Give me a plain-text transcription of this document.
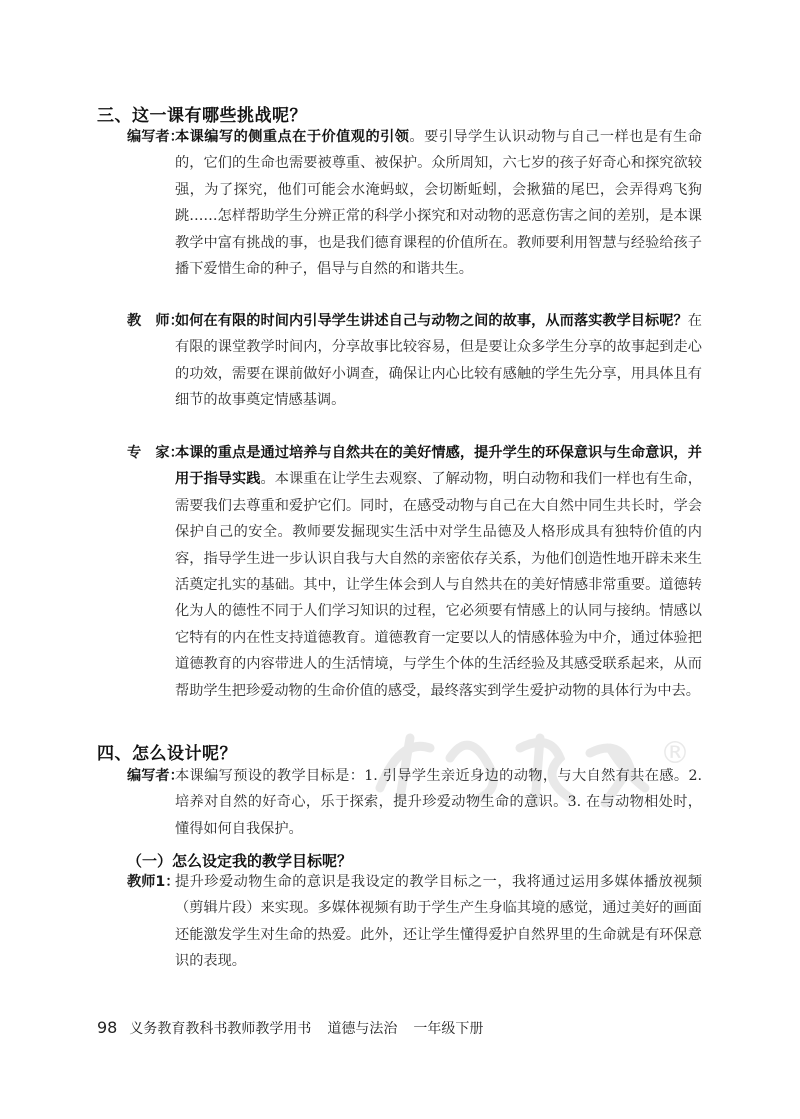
三、这一课有哪些挑战呢？
编写者：
本课编写的侧重点在于价值观的引领。要引导学生认识动物与自己一样也是有生命的，它们的生命也需要被尊重、被保护。众所周知，六七岁的孩子好奇心和探究欲较强，为了探究，他们可能会水淹蚂蚁，会切断蚯蚓，会揪猫的尾巴，会弄得鸡飞狗跳……怎样帮助学生分辨正常的科学小探究和对动物的恶意伤害之间的差别，是本课教学中富有挑战的事，也是我们德育课程的价值所在。教师要利用智慧与经验给孩子播下爱惜生命的种子，倡导与自然的和谐共生。
教　师：
如何在有限的时间内引导学生讲述自己与动物之间的故事，从而落实教学目标呢？在有限的课堂教学时间内，分享故事比较容易，但是要让众多学生分享的故事起到走心的功效，需要在课前做好小调查，确保让内心比较有感触的学生先分享，用具体且有细节的故事奠定情感基调。
专　家：
本课的重点是通过培养与自然共在的美好情感，提升学生的环保意识与生命意识，并用于指导实践。本课重在让学生去观察、了解动物，明白动物和我们一样也有生命，需要我们去尊重和爱护它们。同时，在感受动物与自己在大自然中同生共长时，学会保护自己的安全。教师要发掘现实生活中对学生品德及人格形成具有独特价值的内容，指导学生进一步认识自我与大自然的亲密依存关系，为他们创造性地开辟未来生活奠定扎实的基础。其中，让学生体会到人与自然共在的美好情感非常重要。道德转化为人的德性不同于人们学习知识的过程，它必须要有情感上的认同与接纳。情感以它特有的内在性支持道德教育。道德教育一定要以人的情感体验为中介，通过体验把道德教育的内容带进人的生活情境，与学生个体的生活经验及其感受联系起来，从而帮助学生把珍爱动物的生命价值的感受，最终落实到学生爱护动物的具体行为中去。
®
四、怎么设计呢？
编写者：
本课编写预设的教学目标是：1. 引导学生亲近身边的动物，与大自然有共在感。2. 培养对自然的好奇心，乐于探索，提升珍爱动物生命的意识。3. 在与动物相处时，懂得如何自我保护。
（一）怎么设定我的教学目标呢？
教师1：
提升珍爱动物生命的意识是我设定的教学目标之一，我将通过运用多媒体播放视频（剪辑片段）来实现。多媒体视频有助于学生产生身临其境的感觉，通过美好的画面还能激发学生对生命的热爱。此外，还让学生懂得爱护自然界里的生命就是有环保意识的表现。
98 义务教育教科书教师教学用书 道德与法治 一年级下册
